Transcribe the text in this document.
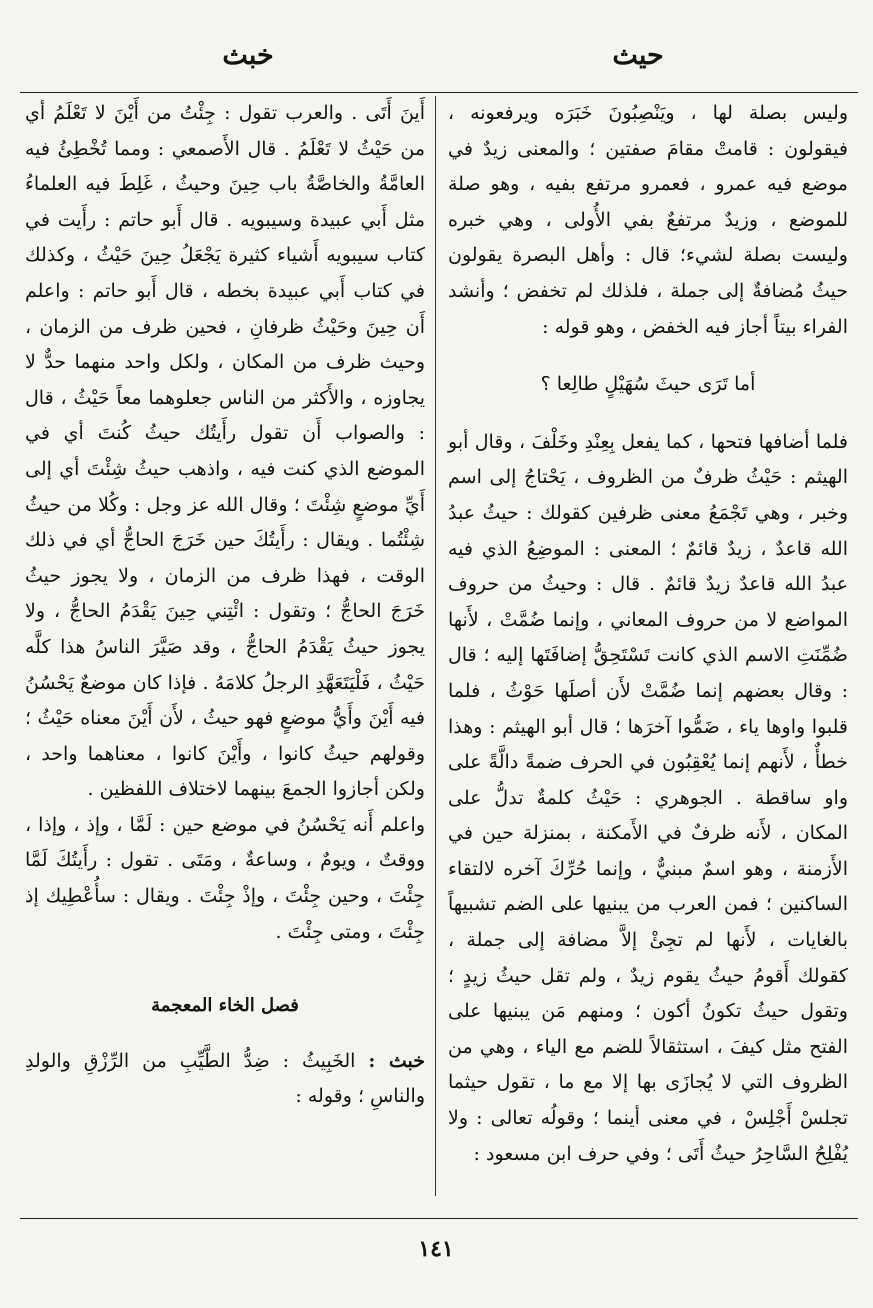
حيث
خبث

وليس بصلة لها ، ويَنْصِبُونَ خَبَرَه ويرفعونه ، فيقولون : قامتْ مقامَ صفتين ؛ والمعنى زيدٌ في موضع فيه عمرو ، فعمرو مرتفع بفيه ، وهو صلة للموضع ، وزيدٌ مرتفعٌ بفي الأُولى ، وهي خبره وليست بصلة لشيء؛ قال : وأهل البصرة يقولون حيثُ مُضافةٌ إلى جملة ، فلذلك لم تخفض ؛ وأنشد الفراء بيتاً أجاز فيه الخفض ، وهو قوله :

أما تَرَى حيثَ سُهَيْلٍ طالِعا ؟

فلما أضافها فتحها ، كما يفعل بِعِنْدِ وخَلْفَ ، وقال أبو الهيثم : حَيْثُ ظرفٌ من الظروف ، يَحْتاجُ إلى اسم وخبر ، وهي تَجْمَعُ معنى ظرفين كقولك : حيثُ عبدُ الله قاعدٌ ، زيدٌ قائمٌ ؛ المعنى : الموضِعُ الذي فيه عبدُ الله قاعدٌ زيدٌ قائمٌ . قال : وحيثُ من حروف المواضع لا من حروف المعاني ، وإنما ضُمَّتْ ، لأَنها ضُمِّنَتِ الاسم الذي كانت تَسْتَحِقُّ إضافَتَها إليه ؛ قال : وقال بعضهم إنما ضُمَّتْ لأَن أصلَها حَوْثُ ، فلما قلبوا واوها ياء ، ضَمُّوا آخرَها ؛ قال أبو الهيثم : وهذا خطأٌ ، لأَنهم إنما يُعْقِبُون في الحرف ضمةً دالَّةً على واو ساقطة . الجوهري : حَيْثُ كلمةٌ تدلُّ على المكان ، لأَنه ظرفٌ في الأَمكنة ، بمنزلة حين في الأَزمنة ، وهو اسمٌ مبنيٌّ ، وإنما حُرِّكَ آخره لالتقاء الساكنين ؛ فمن العرب من يبنيها على الضم تشبيهاً بالغايات ، لأَنها لم تجِئْ إلاَّ مضافة إلى جملة ، كقولك أَقومُ حيثُ يقوم زيدٌ ، ولم تقل حيثُ زيدٍ ؛ وتقول حيثُ تكونُ أكون ؛ ومنهم مَن يبنيها على الفتح مثل كيفَ ، استثقالاً للضم مع الياء ، وهي من الظروف التي لا يُجازَى بها إلا مع ما ، تقول حيثما تجلسْ أَجْلِسْ ، في معنى أينما ؛ وقولُه تعالى : ولا يُفْلِحُ السَّاحِرُ حيثُ أَتَى ؛ وفي حرف ابن مسعود :

أَينَ أَتَى . والعرب تقول : جِئْتُ من أَيْنَ لا تَعْلَمُ أي من حَيْثُ لا تَعْلَمُ . قال الأَصمعي : ومما تُخْطِئُ فيه العامَّةُ والخاصَّةُ باب حِينَ وحيثُ ، غَلِطَ فيه العلماءُ مثل أَبي عبيدة وسيبويه . قال أَبو حاتم : رأَيت في كتاب سيبويه أَشياء كثيرة يَجْعَلُ حِينَ حَيْثُ ، وكذلك في كتاب أَبي عبيدة بخطه ، قال أَبو حاتم : واعلم أَن حِينَ وحَيْثُ ظرفانِ ، فحين ظرف من الزمان ، وحيث ظرف من المكان ، ولكل واحد منهما حدٌّ لا يجاوزه ، والأَكثر من الناس جعلوهما معاً حَيْثُ ، قال : والصواب أَن تقول رأَيتُك حيثُ كُنتَ أي في الموضع الذي كنت فيه ، واذهب حيثُ شِئْتَ أي إلى أَيِّ موضعٍ شِئْتَ ؛ وقال الله عز وجل : وكُلا من حيثُ شِئْتُما . ويقال : رأَيتُكَ حين خَرَجَ الحاجُّ أي في ذلك الوقت ، فهذا ظرف من الزمان ، ولا يجوز حيثُ خَرَجَ الحاجُّ ؛ وتقول : ائْتِني حِينَ يَقْدَمُ الحاجُّ ، ولا يجوز حيثُ يَقْدَمُ الحاجُّ ، وقد صَيَّرَ الناسُ هذا كلَّه حَيْثُ ، فَلْيَتَعَهَّدِ الرجلُ كلامَهُ . فإذا كان موضعٌ يَحْسُنُ فيه أَيْنَ وأَيُّ موضعٍ فهو حيثُ ، لأَن أَيْنَ معناه حَيْثُ ؛ وقولهم حيثُ كانوا ، وأَيْنَ كانوا ، معناهما واحد ، ولكن أجازوا الجمعَ بينهما لاختلاف اللفظين .

واعلم أَنه يَحْسُنُ في موضع حين : لَمَّا ، وإذ ، وإذا ، ووقتٌ ، ويومٌ ، وساعةٌ ، ومَتَى . تقول : رأَيتُكَ لَمَّا جِئْتَ ، وحين جِئْتَ ، وإذْ جِئْتَ . ويقال : سأُعْطِيك إذ جِئْتَ ، ومتى جِئْتَ .

فصل الخاء المعجمة

خبث : الخَبِيثُ : ضِدُّ الطَّيِّبِ من الرِّزْقِ والولدِ والناسِ ؛ وقوله :

١٤١
